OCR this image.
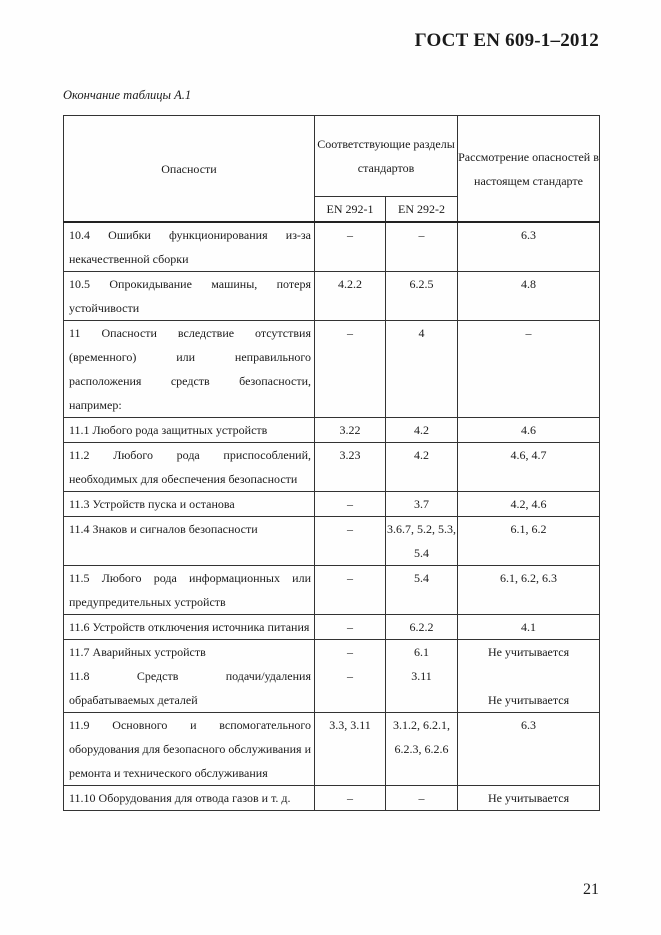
ГОСТ EN 609-1–2012
Окончание таблицы А.1
Опасности	Соответствующие разделы стандартов		Рассмотрение опасностей в настоящем стандарте
	EN 292-1	EN 292-2	
10.4 Ошибки функционирования из-за некачественной сборки	–	–	6.3
10.5 Опрокидывание машины, потеря устойчивости	4.2.2	6.2.5	4.8
11 Опасности вследствие отсутствия (временного) или неправильного расположения средств безопасности, например:	–	4	–
11.1 Любого рода защитных устройств	3.22	4.2	4.6
11.2 Любого рода приспособлений, необходимых для обеспечения безопасности	3.23	4.2	4.6, 4.7
11.3 Устройств пуска и останова	–	3.7	4.2, 4.6
11.4 Знаков и сигналов безопасности	–	3.6.7, 5.2, 5.3, 5.4	6.1, 6.2
11.5 Любого рода информационных или предупредительных устройств	–	5.4	6.1, 6.2, 6.3
11.6 Устройств отключения источника питания	–	6.2.2	4.1
11.7 Аварийных устройств	–	6.1	Не учитывается
11.8 Средств подачи/удаления обрабатываемых деталей	–	3.11	Не учитывается
11.9 Основного и вспомогательного оборудования для безопасного обслуживания и ремонта и технического обслуживания	3.3, 3.11	3.1.2, 6.2.1, 6.2.3, 6.2.6	6.3
11.10 Оборудования для отвода газов и т. д.	–	–	Не учитывается
21
